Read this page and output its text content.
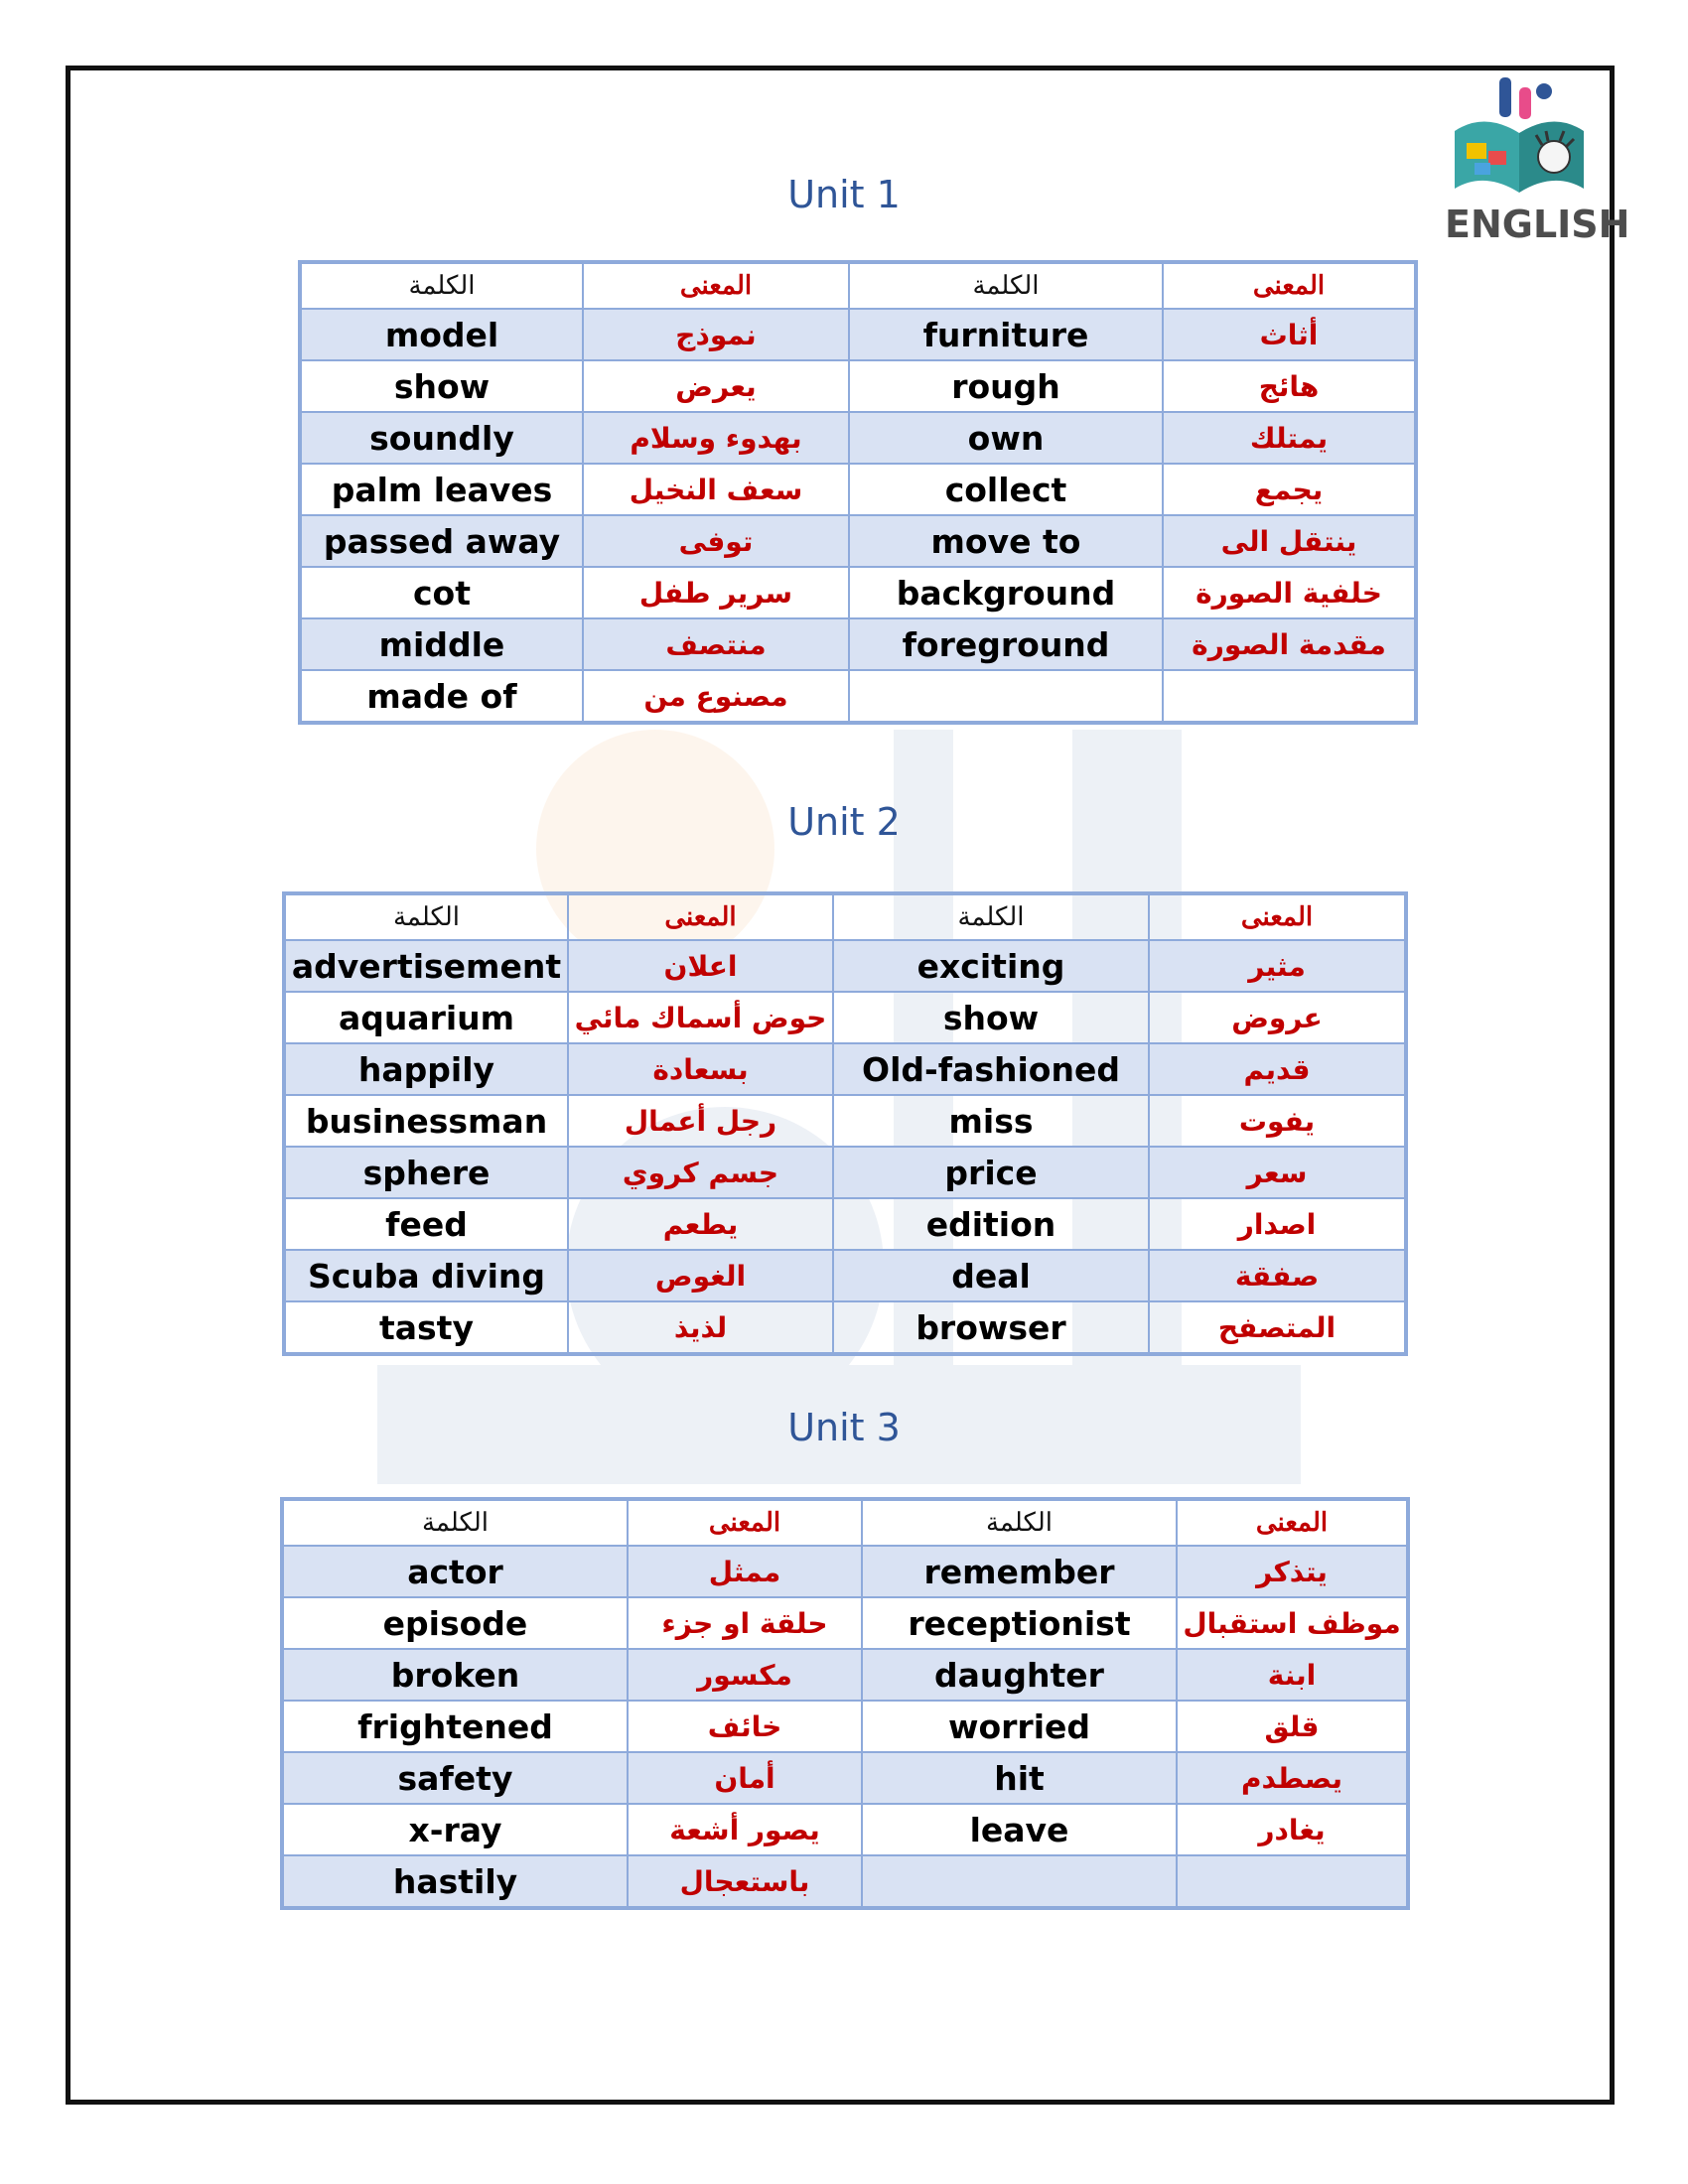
ENGLISH
Unit 1
الكلمة	المعنى	الكلمة	المعنى
model	نموذج	furniture	أثاث
show	يعرض	rough	هائج
soundly	بهدوء وسلام	own	يمتلك
palm leaves	سعف النخيل	collect	يجمع
passed away	توفى	move to	ينتقل الى
cot	سرير طفل	background	خلفية الصورة
middle	منتصف	foreground	مقدمة الصورة
made of	مصنوع من		
Unit 2
الكلمة	المعنى	الكلمة	المعنى
advertisement	اعلان	exciting	مثير
aquarium	حوض أسماك مائي	show	عروض
happily	بسعادة	Old-fashioned	قديم
businessman	رجل أعمال	miss	يفوت
sphere	جسم كروي	price	سعر
feed	يطعم	edition	اصدار
Scuba diving	الغوص	deal	صفقة
tasty	لذيذ	browser	المتصفح
Unit 3
الكلمة	المعنى	الكلمة	المعنى
actor	ممثل	remember	يتذكر
episode	حلقة او جزء	receptionist	موظف استقبال
broken	مكسور	daughter	ابنة
frightened	خائف	worried	قلق
safety	أمان	hit	يصطدم
x-ray	يصور أشعة	leave	يغادر
hastily	باستعجال		
